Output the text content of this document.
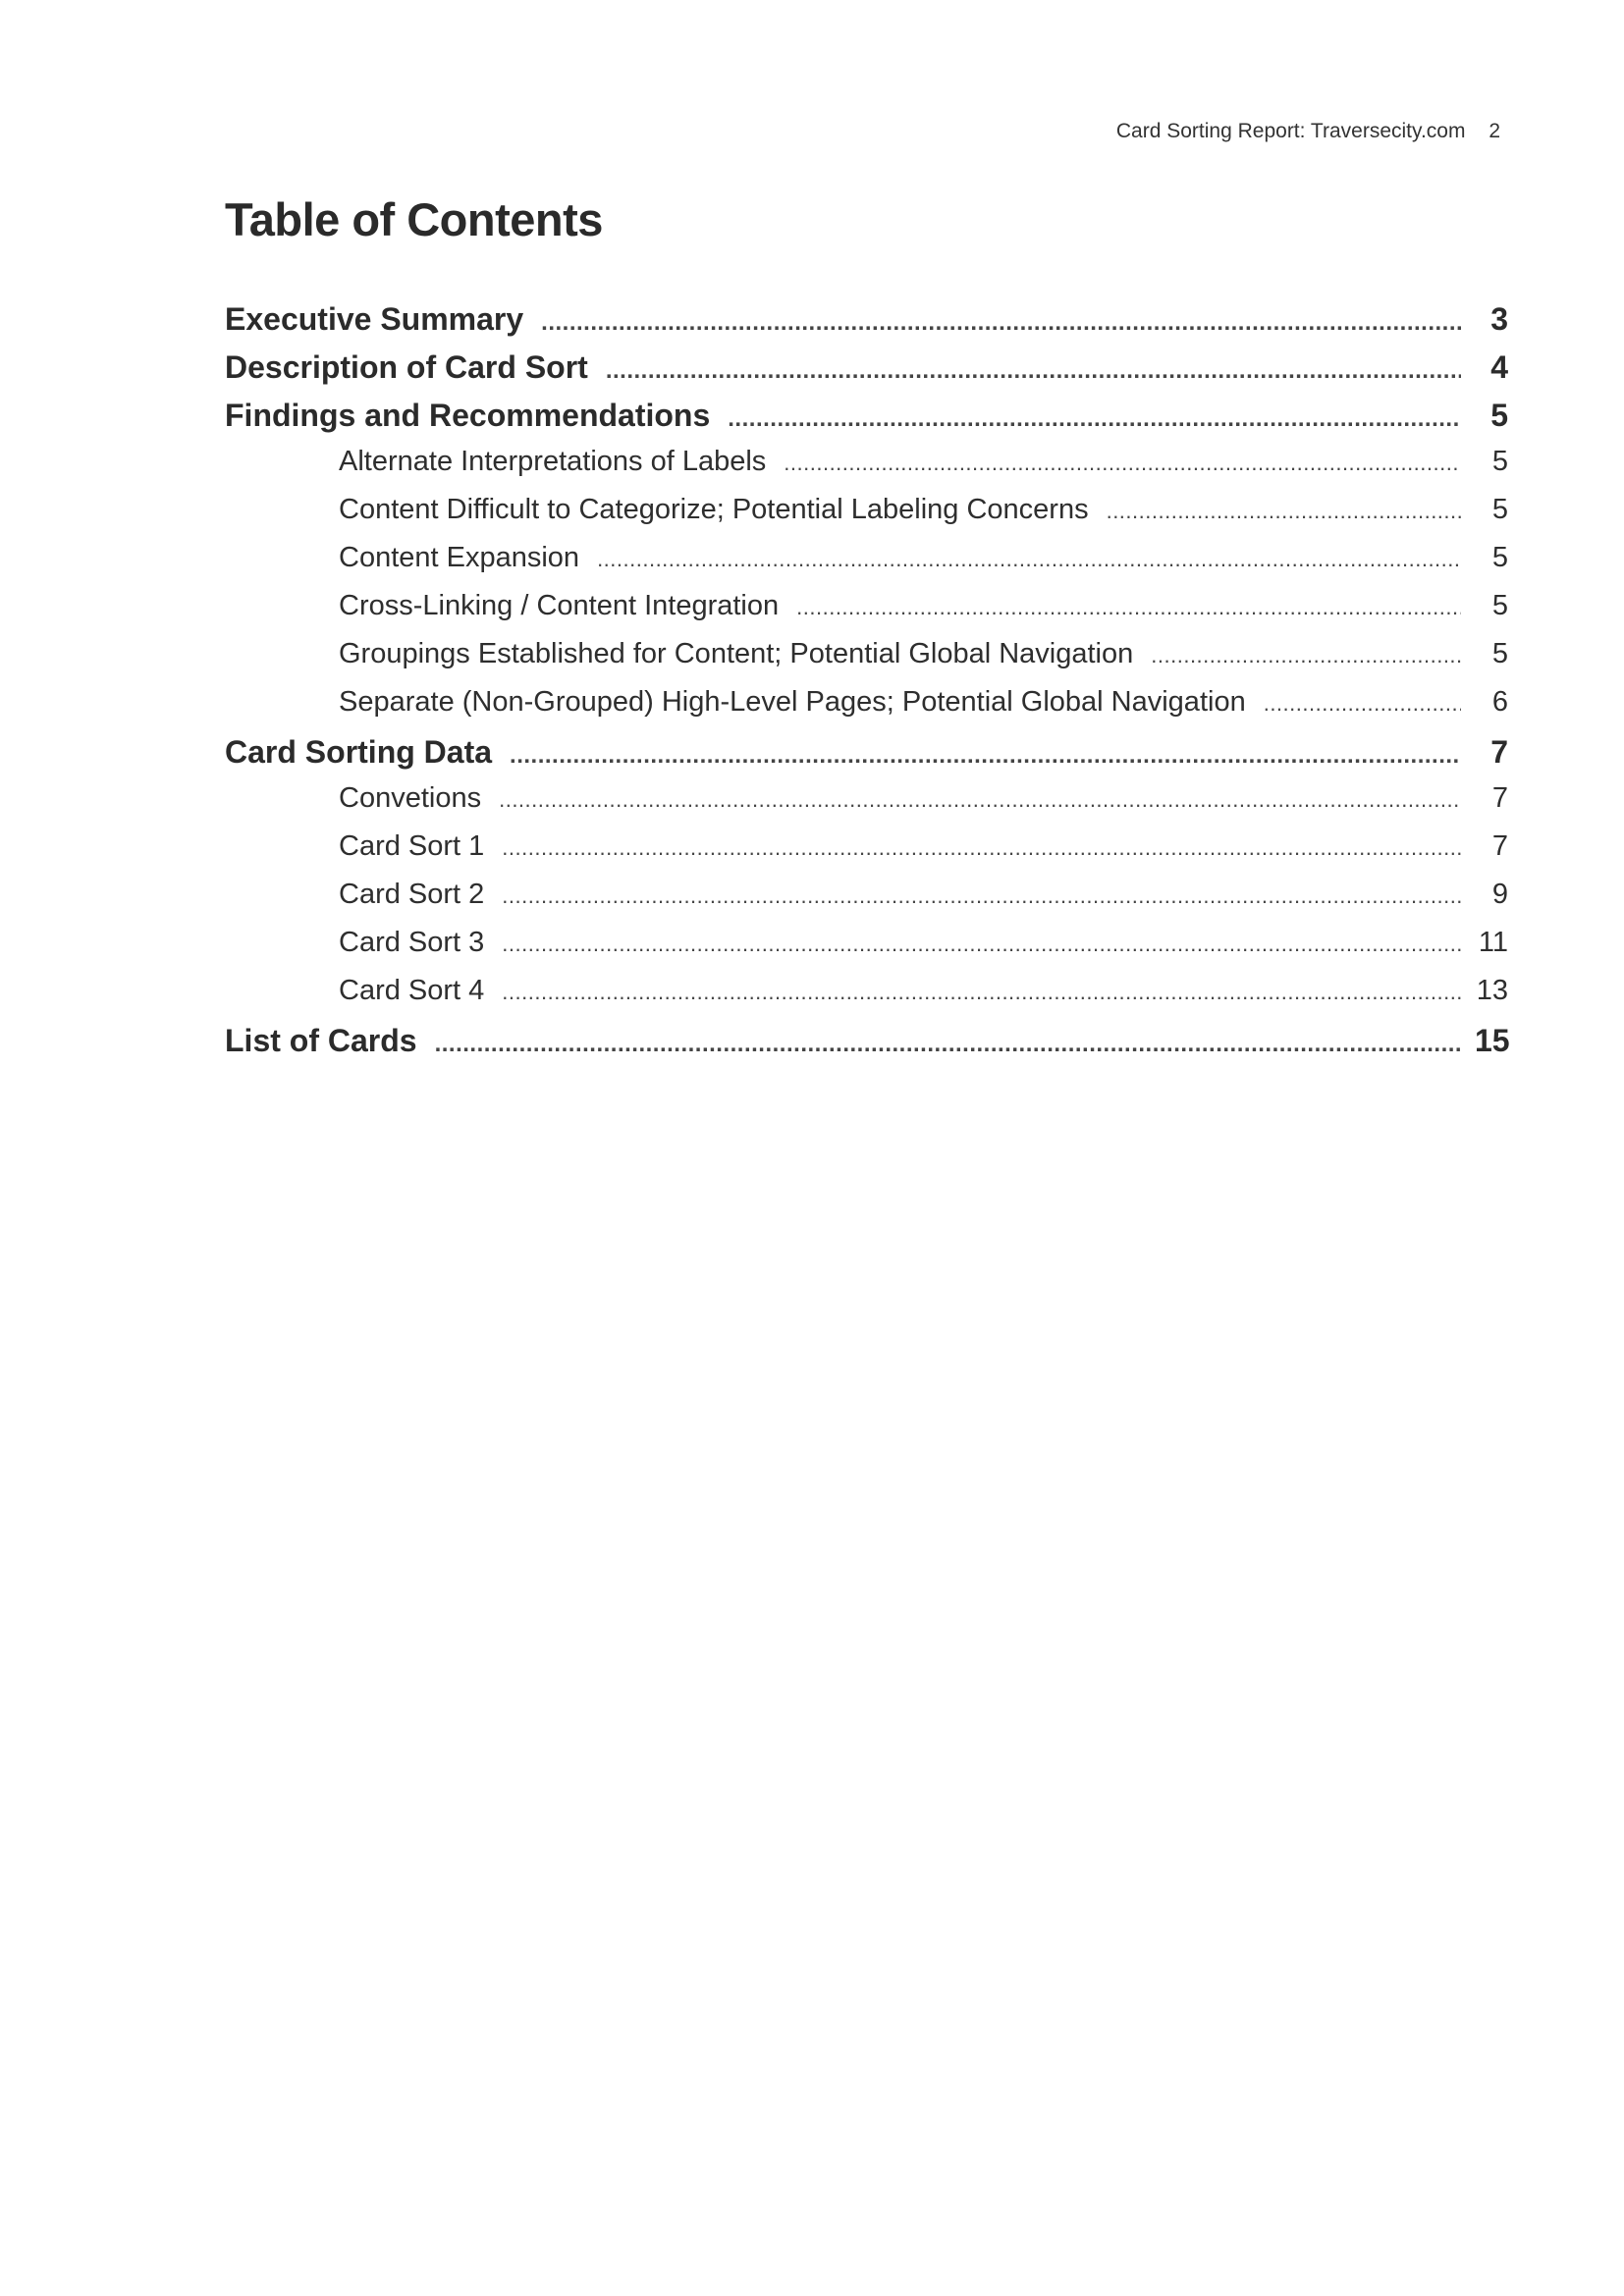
Card Sorting Report: Traversecity.com 2
Table of Contents
Executive Summary .....	3
Description of Card Sort .....	4
Findings and Recommendations .....	5
Alternate Interpretations of Labels .....	5
Content Difficult to Categorize; Potential Labeling Concerns .....	5
Content Expansion .....	5
Cross-Linking / Content Integration .....	5
Groupings Established for Content; Potential Global Navigation .....	5
Separate (Non-Grouped) High-Level Pages; Potential Global Navigation .....	6
Card Sorting Data .....	7
Convetions .....	7
Card Sort 1 .....	7
Card Sort 2 .....	9
Card Sort 3 .....	11
Card Sort 4 .....	13
List of Cards .....	15
